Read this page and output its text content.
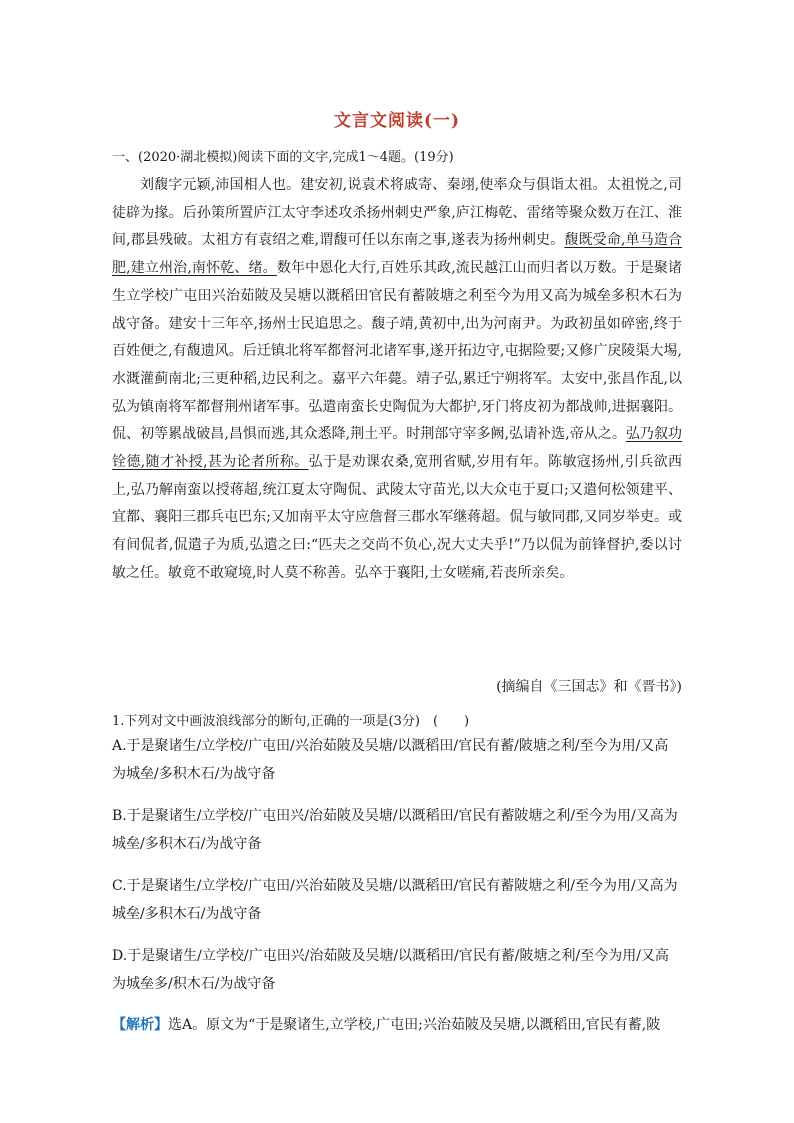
文言文阅读(一)
一、(2020·湖北模拟)阅读下面的文字,完成1～4题。(19分)

刘馥字元颖,沛国相人也。建安初,说袁术将戚寄、秦翊,使率众与俱诣太祖。太祖悦之,司徒辟为掾。后孙策所置庐江太守李述攻杀扬州刺史严象,庐江梅乾、雷绪等聚众数万在江、淮间,郡县残破。太祖方有袁绍之难,谓馥可任以东南之事,遂表为扬州刺史。馥既受命,单马造合肥,建立州治,南怀乾、绪。数年中恩化大行,百姓乐其政,流民越江山而归者以万数。于是聚诸生立学校广屯田兴治茹陂及吴塘以溉稻田官民有蓄陂塘之利至今为用又高为城垒多积木石为战守备。建安十三年卒,扬州士民追思之。馥子靖,黄初中,出为河南尹。为政初虽如碎密,终于百姓便之,有馥遗风。后迁镇北将军都督河北诸军事,遂开拓边守,屯据险要;又修广戾陵渠大埸,水溉灌蓟南北;三更种稻,边民利之。嘉平六年薨。靖子弘,累迁宁朔将军。太安中,张昌作乱,以弘为镇南将军都督荆州诸军事。弘遣南蛮长史陶侃为大都护,牙门将皮初为都战帅,进据襄阳。侃、初等累战破昌,昌惧而逃,其众悉降,荆土平。时荆部守宰多阙,弘请补选,帝从之。弘乃叙功铨德,随才补授,甚为论者所称。弘于是劝课农桑,宽刑省赋,岁用有年。陈敏寇扬州,引兵欲西上,弘乃解南蛮以授蒋超,统江夏太守陶侃、武陵太守苗光,以大众屯于夏口;又遣何松领建平、宜都、襄阳三郡兵屯巴东;又加南平太守应詹督三郡水军继蒋超。侃与敏同郡,又同岁举吏。或有间侃者,侃遣子为质,弘遣之曰:“匹夫之交尚不负心,况大丈夫乎!”乃以侃为前锋督护,委以讨敏之任。敏竟不敢窥境,时人莫不称善。弘卒于襄阳,士女嗟痛,若丧所亲矣。

(摘编自《三国志》和《晋书》)
1.下列对文中画波浪线部分的断句,正确的一项是(3分)　(　　)

A.于是聚诸生/立学校/广屯田/兴治茹陂及吴塘/以溉稻田/官民有蓄/陂塘之利/至今为用/又高为城垒/多积木石/为战守备

B.于是聚诸生/立学校/广屯田兴/治茹陂及吴塘/以溉稻田/官民有蓄陂塘之利/至今为用/又高为城垒/多积木石/为战守备

C.于是聚诸生/立学校/广屯田/兴治茹陂及吴塘/以溉稻田/官民有蓄陂塘之利/至今为用/又高为城垒/多积木石/为战守备

D.于是聚诸生/立学校/广屯田兴/治茹陂及吴塘/以溉稻田/官民有蓄/陂塘之利/至今为用/又高为城垒多/积木石/为战守备

【解析】选A。原文为“于是聚诸生,立学校,广屯田;兴治茹陂及吴塘,以溉稻田,官民有蓄,陂
